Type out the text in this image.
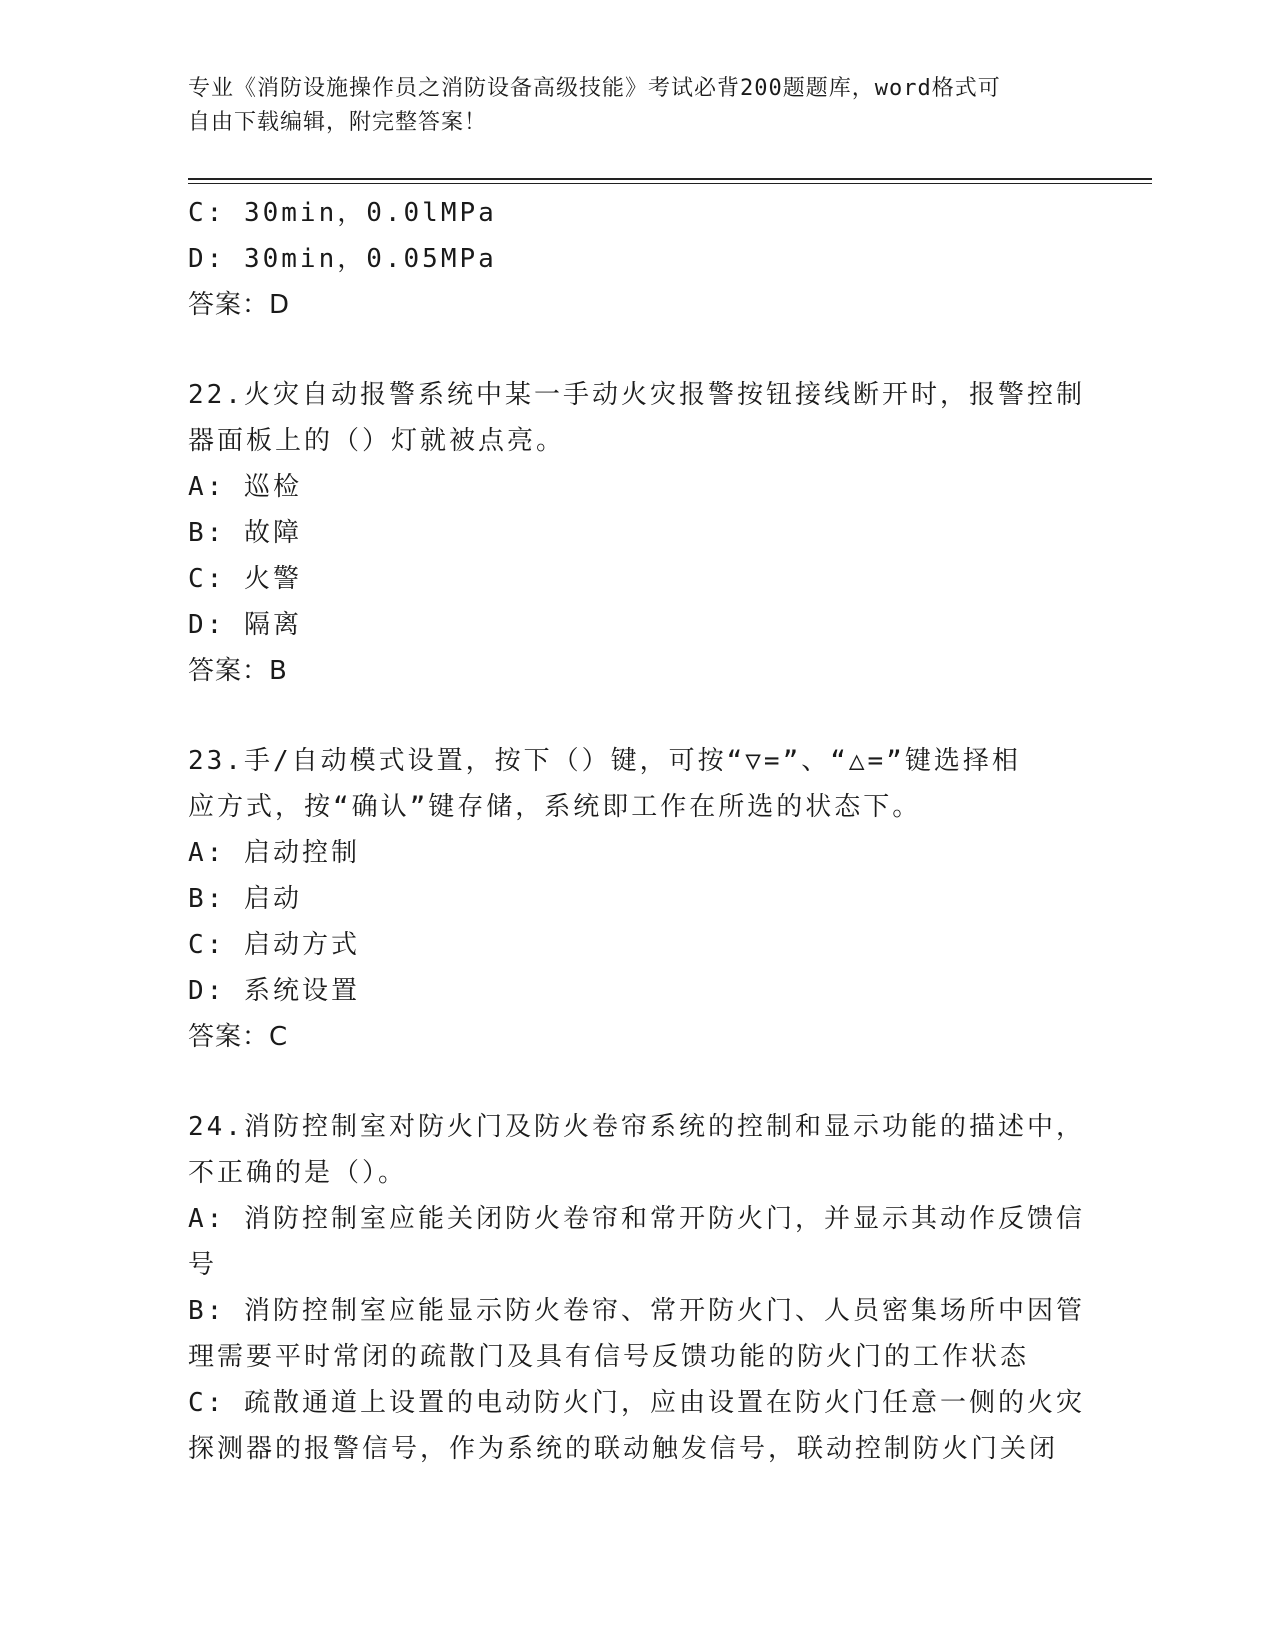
专业《消防设施操作员之消防设备高级技能》考试必背200题题库，word格式可
自由下载编辑，附完整答案！
C: 30min，0.0lMPa
D: 30min，0.05MPa
答案：D
22.火灾自动报警系统中某一手动火灾报警按钮接线断开时，报警控制
器面板上的（）灯就被点亮。
A: 巡检
B: 故障
C: 火警
D: 隔离
答案：B
23.手/自动模式设置，按下（）键，可按“▽=”、“△=”键选择相
应方式，按“确认”键存储，系统即工作在所选的状态下。
A: 启动控制
B: 启动
C: 启动方式
D: 系统设置
答案：C
24.消防控制室对防火门及防火卷帘系统的控制和显示功能的描述中，
不正确的是（）。
A: 消防控制室应能关闭防火卷帘和常开防火门，并显示其动作反馈信
号
B: 消防控制室应能显示防火卷帘、常开防火门、人员密集场所中因管
理需要平时常闭的疏散门及具有信号反馈功能的防火门的工作状态
C: 疏散通道上设置的电动防火门，应由设置在防火门任意一侧的火灾
探测器的报警信号，作为系统的联动触发信号，联动控制防火门关闭
